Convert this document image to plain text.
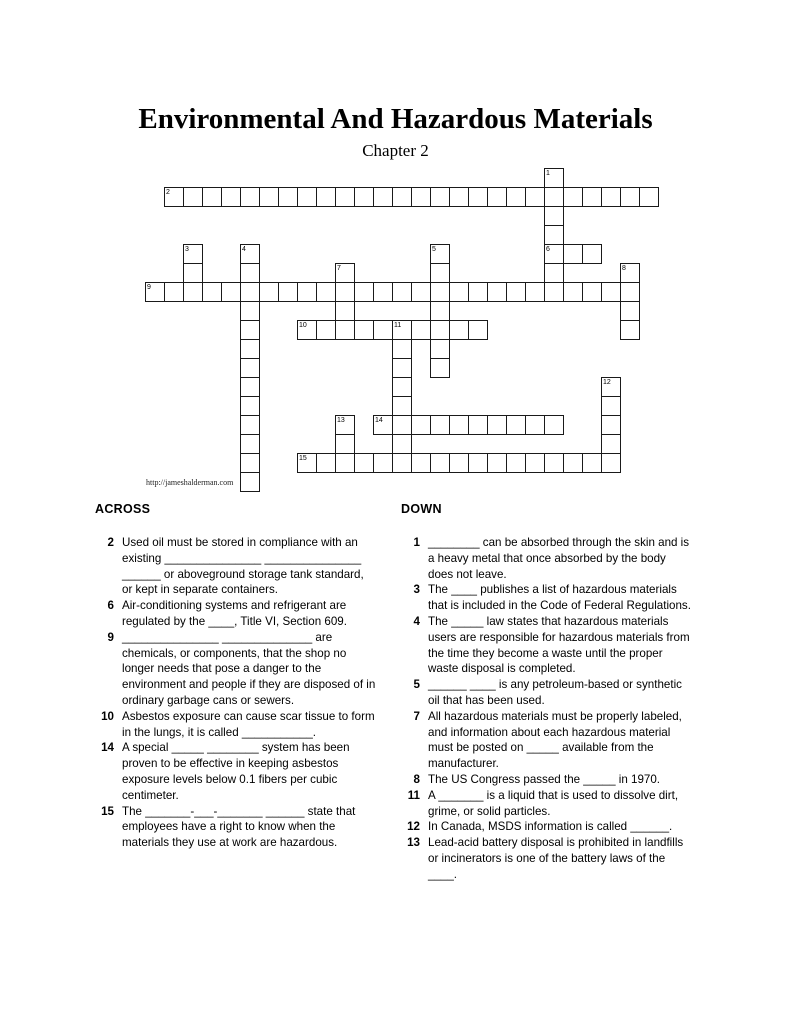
Environmental And Hazardous Materials
Chapter 2
1
6
2
3	4	5
7	8
9
10	11
12
13	14
15
http://jameshalderman.com
ACROSS
2 Used oil must be stored in compliance with an existing _______________ _______________ ______ or aboveground storage tank standard, or kept in separate containers.
6 Air-conditioning systems and refrigerant are regulated by the ____, Title VI, Section 609.
9 _______________ ______________ are chemicals, or components, that the shop no longer needs that pose a danger to the environment and people if they are disposed of in ordinary garbage cans or sewers.
10 Asbestos exposure can cause scar tissue to form in the lungs, it is called ___________.
14 A special _____ ________ system has been proven to be effective in keeping asbestos exposure levels below 0.1 fibers per cubic centimeter.
15 The _______-___-_______ ______ state that employees have a right to know when the materials they use at work are hazardous.
DOWN
1 ________ can be absorbed through the skin and is a heavy metal that once absorbed by the body does not leave.
3 The ____ publishes a list of hazardous materials that is included in the Code of Federal Regulations.
4 The _____ law states that hazardous materials users are responsible for hazardous materials from the time they become a waste until the proper waste disposal is completed.
5 ______ ____ is any petroleum-based or synthetic oil that has been used.
7 All hazardous materials must be properly labeled, and information about each hazardous material must be posted on _____ available from the manufacturer.
8 The US Congress passed the _____ in 1970.
11 A _______ is a liquid that is used to dissolve dirt, grime, or solid particles.
12 In Canada, MSDS information is called ______.
13 Lead-acid battery disposal is prohibited in landfills or incinerators is one of the battery laws of the ____.
